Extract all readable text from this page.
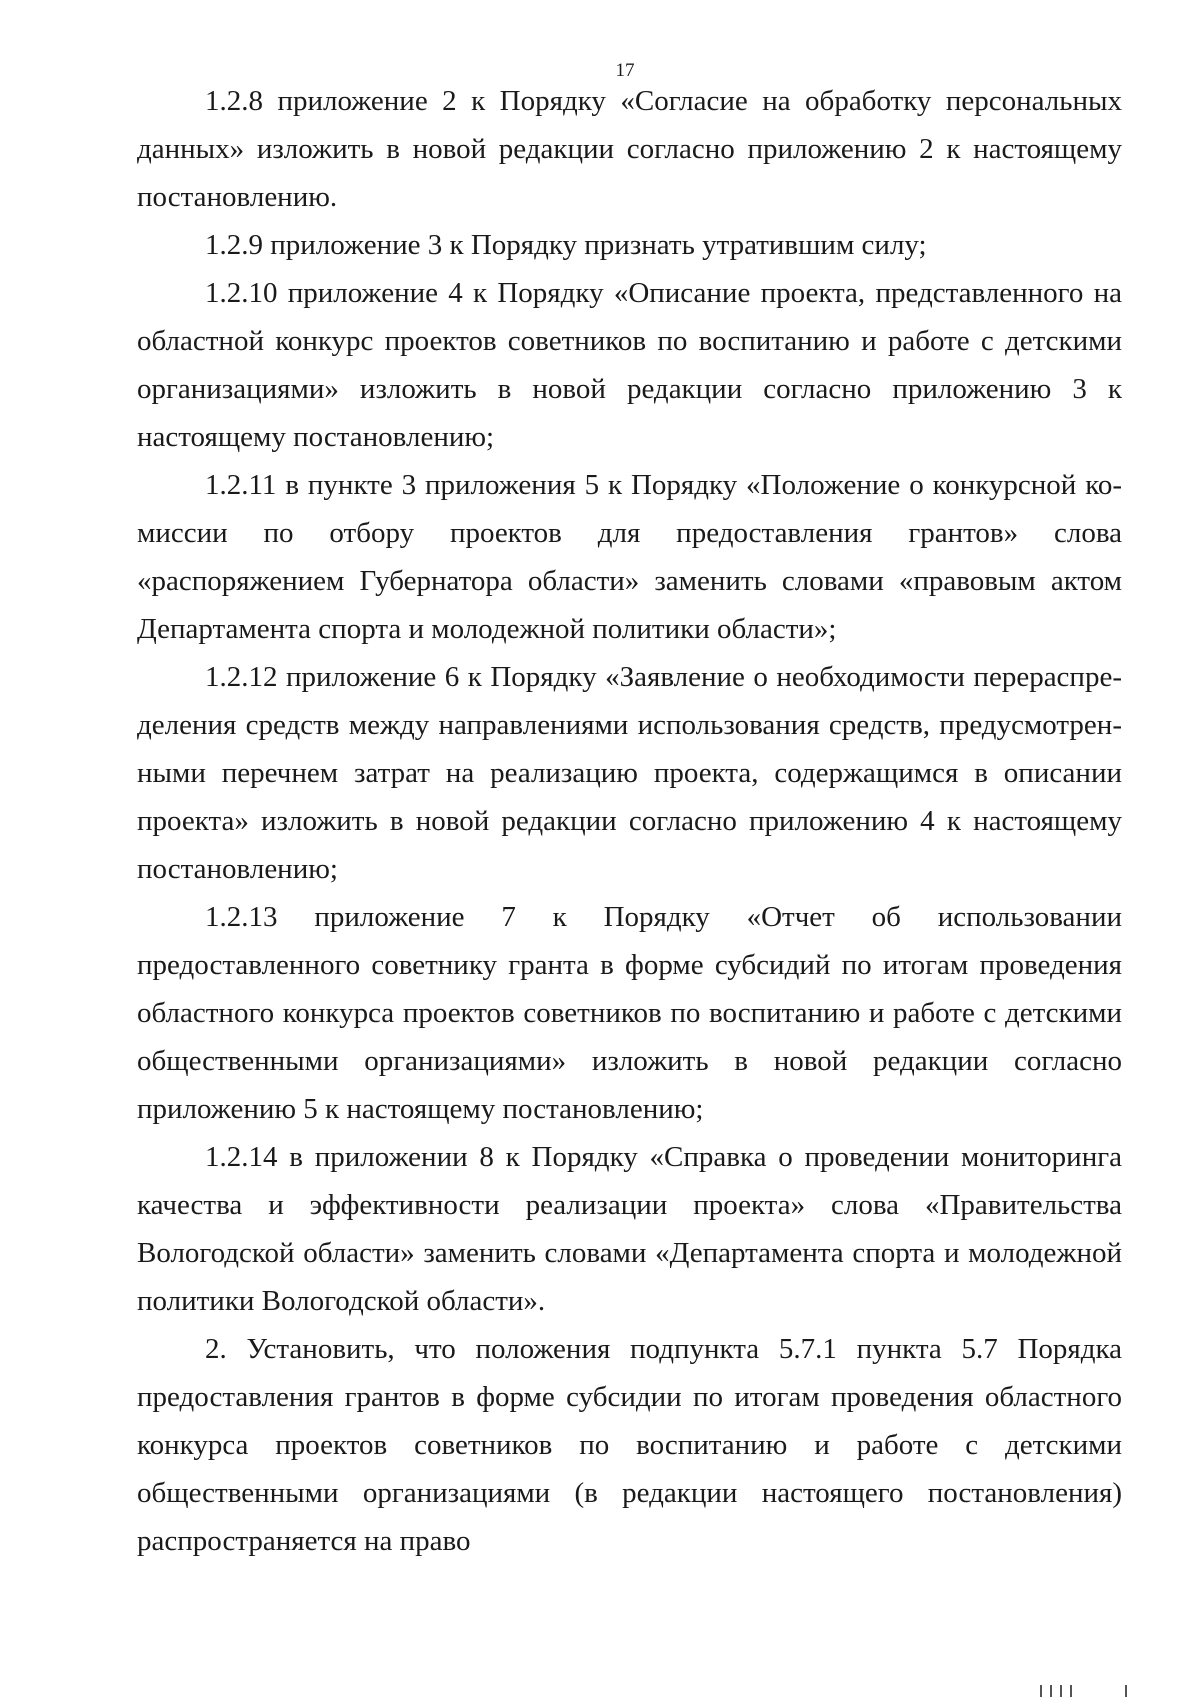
17

1.2.8 приложение 2 к Порядку «Согласие на обработку персональных данных» изложить в новой редакции согласно приложению 2 к настоящему постановлению.

1.2.9 приложение 3 к Порядку признать утратившим силу;

1.2.10 приложение 4 к Порядку «Описание проекта, представленного на областной конкурс проектов советников по воспитанию и работе с детскими организациями» изложить в новой редакции согласно приложению 3 к настоящему постановлению;

1.2.11 в пункте 3 приложения 5 к Порядку «Положение о конкурсной комиссии по отбору проектов для предоставления грантов» слова «распоряжением Губернатора области» заменить словами «правовым актом Департамента спорта и молодежной политики области»;

1.2.12 приложение 6 к Порядку «Заявление о необходимости перераспределения средств между направлениями использования средств, предусмотренными перечнем затрат на реализацию проекта, содержащимся в описании проекта» изложить в новой редакции согласно приложению 4 к настоящему постановлению;

1.2.13 приложение 7 к Порядку «Отчет об использовании предоставленного советнику гранта в форме субсидий по итогам проведения областного конкурса проектов советников по воспитанию и работе с детскими общественными организациями» изложить в новой редакции согласно приложению 5 к настоящему постановлению;

1.2.14 в приложении 8 к Порядку «Справка о проведении мониторинга качества и эффективности реализации проекта» слова «Правительства Вологодской области» заменить словами «Департамента спорта и молодежной политики Вологодской области».

2. Установить, что положения подпункта 5.7.1 пункта 5.7 Порядка предоставления грантов в форме субсидии по итогам проведения областного конкурса проектов советников по воспитанию и работе с детскими общественными организациями (в редакции настоящего постановления) распространяется на право
